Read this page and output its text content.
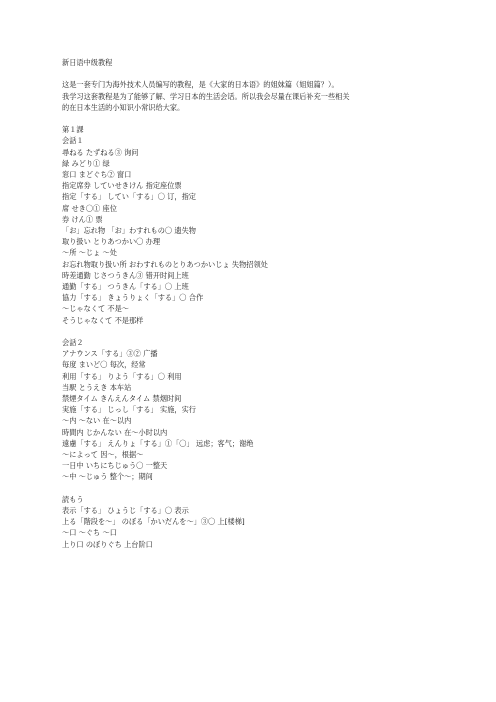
新日语中级教程
这是一套专门为海外技术人员编写的教程，是《大家的日本语》的姐妹篇（姐姐篇？）。
我学习这套教程是为了能够了解、学习日本的生活会话。所以我会尽量在课后补充一些相关
的在日本生活的小知识小常识给大家。
第１課
会話１
尋ねる たずねる③ 询问
緑 みどり① 绿
窓口 まどぐち② 窗口
指定席券 していせきけん 指定座位票
指定「する」 してい「する」〇 订，指定
席 せき〇① 座位
券 けん① 票
「お」忘れ物 「お」わすれもの〇 遗失物
取り扱い とりあつかい〇 办理
～所 ～じょ ～处
お忘れ物取り扱い所 おわすれものとりあつかいじょ 失物招领处
時差通勤 じさつうきん③ 错开时间上班
通勤「する」 つうきん「する」〇 上班
協力「する」 きょうりょく「する」〇 合作
～じゃなくて 不是～
そうじゃなくて 不是那样
会話２
アナウンス「する」③② 广播
毎度 まいど〇 每次，经常
利用「する」 りよう「する」〇 利用
当駅 とうえき 本车站
禁煙タイム きんえんタイム 禁烟时间
実施「する」 じっし「する」 实施，实行
～内 ～ない 在～以内
時間内 じかんない 在～小时以内
遠慮「する」 えんりょ「する」①「〇」 远虑；客气；谢绝
～によって 因～，根据～
一日中 いちにちじゅう〇 一整天
～中 ～じゅう 整个～；期间
読もう
表示「する」 ひょうじ「する」〇 表示
上る「階段を～」 のぼる「かいだんを～」③〇 上[楼梯]
～口 ～ぐち ～口
上り口 のぼりぐち 上台阶口
